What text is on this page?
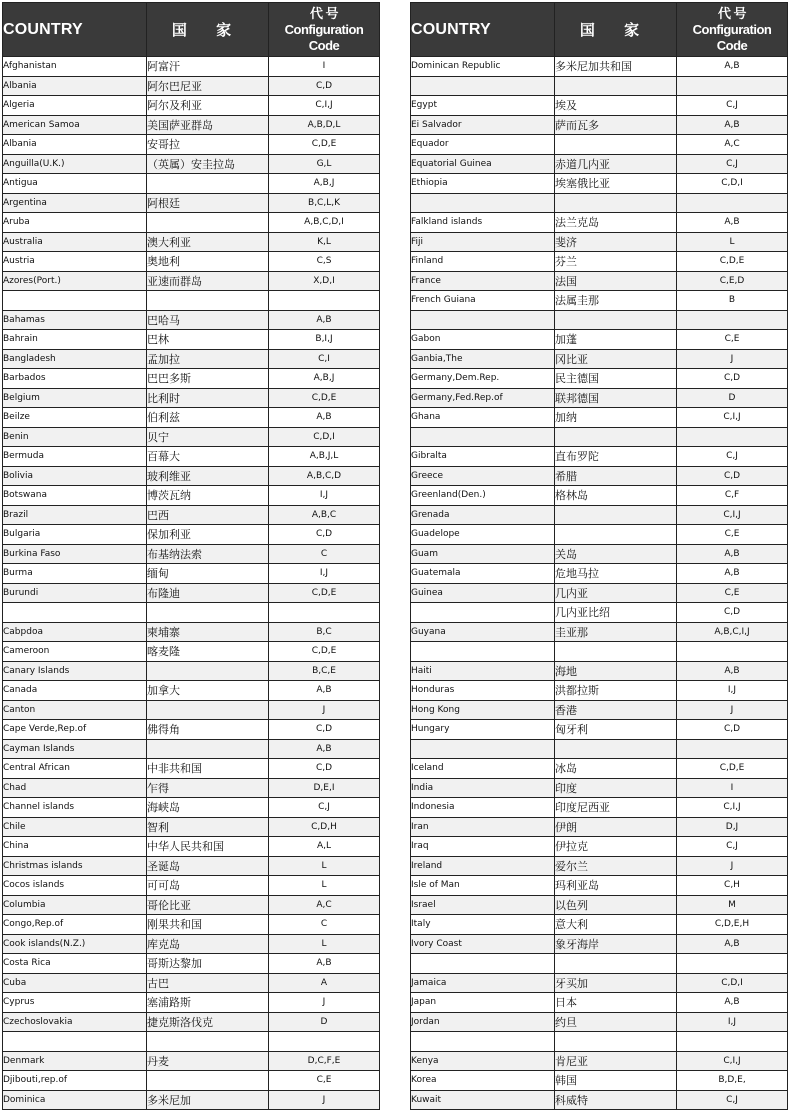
COUNTRY	国 家	代 号
Configuration
Code

Afghanistan	阿富汗	I
Albania	阿尔巴尼亚	C,D
Algeria	阿尔及利亚	C,I,J
American Samoa	美国萨亚群岛	A,B,D,L
Albania	安哥拉	C,D,E
Anguilla(U.K.)	（英属）安圭拉岛	G,L
Antigua		A,B,J
Argentina	阿根廷	B,C,L,K
Aruba		A,B,C,D,I
Australia	澳大利亚	K,L
Austria	奥地利	C,S
Azores(Port.)	亚速而群岛	X,D,I

Bahamas	巴哈马	A,B
Bahrain	巴林	B,I,J
Bangladesh	孟加拉	C,I
Barbados	巴巴多斯	A,B,J
Belgium	比利时	C,D,E
Beilze	伯利兹	A,B
Benin	贝宁	C,D,I
Bermuda	百幕大	A,B,J,L
Bolivia	玻利维亚	A,B,C,D
Botswana	博茨瓦纳	I,J
Brazil	巴西	A,B,C
Bulgaria	保加利亚	C,D
Burkina Faso	布基纳法索	C
Burma	缅甸	I,J
Burundi	布隆迪	C,D,E

Cabpdoa	柬埔寨	B,C
Cameroon	喀麦隆	C,D,E
Canary Islands		B,C,E
Canada	加拿大	A,B
Canton		J
Cape Verde,Rep.of	佛得角	C,D
Cayman Islands		A,B
Central African	中非共和国	C,D
Chad	乍得	D,E,I
Channel islands	海峡岛	C,J
Chile	智利	C,D,H
China	中华人民共和国	A,L
Christmas islands	圣诞岛	L
Cocos islands	可可岛	L
Columbia	哥伦比亚	A,C
Congo,Rep.of	刚果共和国	C
Cook islands(N.Z.)	库克岛	L
Costa Rica	哥斯达黎加	A,B
Cuba	古巴	A
Cyprus	塞浦路斯	J
Czechoslovakia	捷克斯洛伐克	D

Denmark	丹麦	D,C,F,E
Djibouti,rep.of		C,E
Dominica	多米尼加	J
COUNTRY	国 家	代 号
Configuration
Code

Dominican Republic	多米尼加共和国	A,B

Egypt	埃及	C,J
Ei Salvador	萨而瓦多	A,B
Equador		A,C
Equatorial Guinea	赤道几内亚	C,J
Ethiopia	埃塞俄比亚	C,D,I

Falkland islands	法兰克岛	A,B
Fiji	斐济	L
Finland	芬兰	C,D,E
France	法国	C,E,D
French Guiana	法属圭那	B

Gabon	加蓬	C,E
Ganbia,The	冈比亚	J
Germany,Dem.Rep.	民主德国	C,D
Germany,Fed.Rep.of	联邦德国	D
Ghana	加纳	C,I,J

Gibralta	直布罗陀	C,J
Greece	希腊	C,D
Greenland(Den.)	格林岛	C,F
Grenada		C,I,J
Guadelope		C,E
Guam	关岛	A,B
Guatemala	危地马拉	A,B
Guinea	几内亚	C,E
	几内亚比绍	C,D
Guyana	圭亚那	A,B,C,I,J

Haiti	海地	A,B
Honduras	洪都拉斯	I,J
Hong Kong	香港	J
Hungary	匈牙利	C,D

Iceland	冰岛	C,D,E
India	印度	I
Indonesia	印度尼西亚	C,I,J
Iran	伊朗	D,J
Iraq	伊拉克	C,J
Ireland	爱尔兰	J
Isle of Man	玛利亚岛	C,H
Israel	以色列	M
Italy	意大利	C,D,E,H
Ivory Coast	象牙海岸	A,B

Jamaica	牙买加	C,D,I
Japan	日本	A,B
Jordan	约旦	I,J

Kenya	肯尼亚	C,I,J
Korea	韩国	B,D,E,
Kuwait	科威特	C,J
